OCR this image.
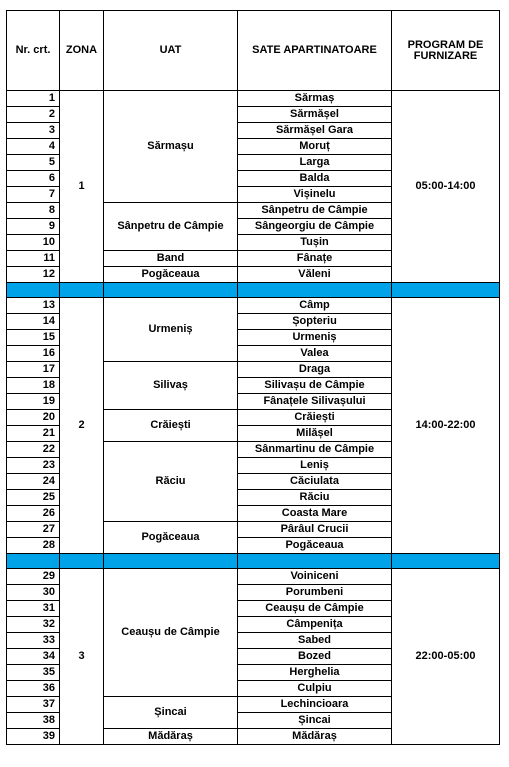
Nr. crt.	ZONA	UAT	SATE APARTINATOARE	PROGRAM DE FURNIZARE
1	1	Sărmașu	Sărmaș	05:00-14:00
2			Sărmășel	
3			Sărmășel Gara	
4			Moruț	
5			Larga	
6			Balda	
7			Vișinelu	
8		Sânpetru de Câmpie	Sânpetru de Câmpie	
9			Sângeorgiu de Câmpie	
10			Tușin	
11		Band	Fânațe	
12		Pogăceaua	Văleni	

13	2	Urmeniș	Câmp	14:00-22:00
14			Șopteriu	
15			Urmeniș	
16			Valea	
17		Silivaș	Draga	
18			Silivașu de Câmpie	
19			Fânațele Silivașului	
20		Crăiești	Crăiești	
21			Milășel	
22		Răciu	Sânmartinu de Câmpie	
23			Leniș	
24			Căciulata	
25			Răciu	
26			Coasta Mare	
27		Pogăceaua	Pârâul Crucii	
28			Pogăceaua	

29	3	Ceaușu de Câmpie	Voiniceni	22:00-05:00
30			Porumbeni	
31			Ceaușu de Câmpie	
32			Câmpenița	
33			Sabed	
34			Bozed	
35			Herghelia	
36			Culpiu	
37		Șincai	Lechincioara	
38			Șincai	
39		Mădăraș	Mădăraș	
